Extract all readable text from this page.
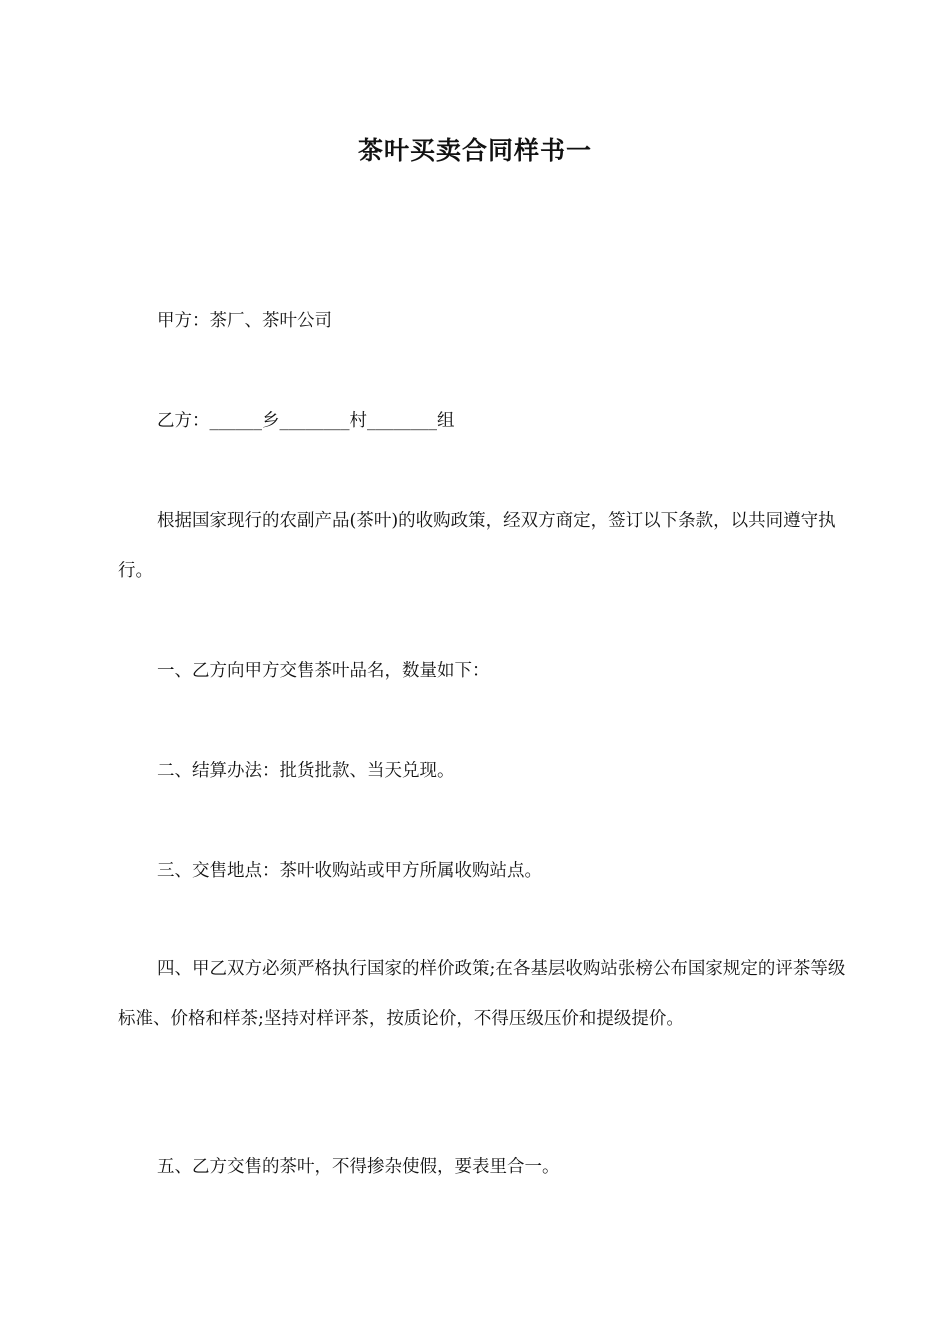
茶叶买卖合同样书一
甲方：茶厂、茶叶公司
乙方：______乡________村________组
根据国家现行的农副产品(茶叶)的收购政策，经双方商定，签订以下条款，以共同遵守执行。
一、乙方向甲方交售茶叶品名，数量如下：
二、结算办法：批货批款、当天兑现。
三、交售地点：茶叶收购站或甲方所属收购站点。
四、甲乙双方必须严格执行国家的样价政策;在各基层收购站张榜公布国家规定的评茶等级标准、价格和样茶;坚持对样评茶，按质论价，不得压级压价和提级提价。
五、乙方交售的茶叶，不得掺杂使假，要表里合一。
